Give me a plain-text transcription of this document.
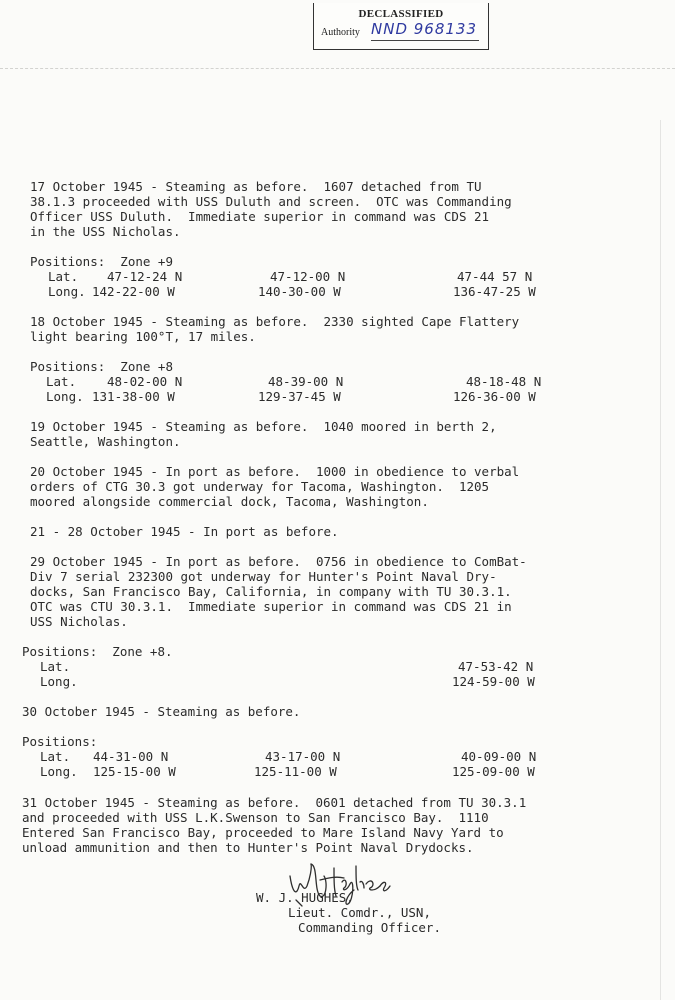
DECLASSIFIED
Authority NND 968133
17 October 1945 - Steaming as before.  1607 detached from TU
38.1.3 proceeded with USS Duluth and screen.  OTC was Commanding
Officer USS Duluth.  Immediate superior in command was CDS 21
in the USS Nicholas.
Positions:  Zone +9
Lat. 47-12-24 N	47-12-00 N	47-44 57 N
Long. 142-22-00 W	140-30-00 W	136-47-25 W
18 October 1945 - Steaming as before.  2330 sighted Cape Flattery
light bearing 100°T, 17 miles.
Positions:  Zone +8
Lat. 48-02-00 N	48-39-00 N	48-18-48 N
Long. 131-38-00 W	129-37-45 W	126-36-00 W
19 October 1945 - Steaming as before.  1040 moored in berth 2,
Seattle, Washington.
20 October 1945 - In port as before.  1000 in obedience to verbal
orders of CTG 30.3 got underway for Tacoma, Washington.  1205
moored alongside commercial dock, Tacoma, Washington.
21 - 28 October 1945 - In port as before.
29 October 1945 - In port as before.  0756 in obedience to ComBat-
Div 7 serial 232300 got underway for Hunter's Point Naval Dry-
docks, San Francisco Bay, California, in company with TU 30.3.1.
OTC was CTU 30.3.1.  Immediate superior in command was CDS 21 in
USS Nicholas.
Positions:  Zone +8.
Lat.	47-53-42 N
Long.	124-59-00 W
30 October 1945 - Steaming as before.
Positions:
Lat. 44-31-00 N	43-17-00 N	40-09-00 N
Long. 125-15-00 W	125-11-00 W	125-09-00 W
31 October 1945 - Steaming as before.  0601 detached from TU 30.3.1
and proceeded with USS L.K.Swenson to San Francisco Bay.  1110
Entered San Francisco Bay, proceeded to Mare Island Navy Yard to
unload ammunition and then to Hunter's Point Naval Drydocks.
W. J. HUGHES,
Lieut. Comdr., USN,
Commanding Officer.
